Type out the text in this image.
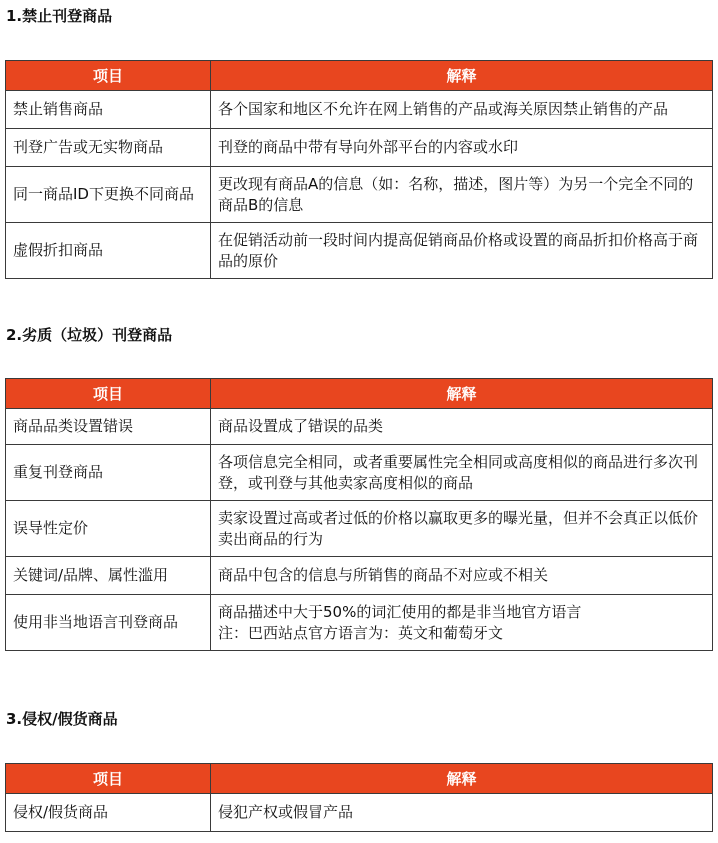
1.禁止刊登商品
项目	解释
禁止销售商品	各个国家和地区不允许在网上销售的产品或海关原因禁止销售的产品
刊登广告或无实物商品	刊登的商品中带有导向外部平台的内容或水印
同一商品ID下更换不同商品	更改现有商品A的信息（如：名称，描述，图片等）为另一个完全不同的商品B的信息
虚假折扣商品	在促销活动前一段时间内提高促销商品价格或设置的商品折扣价格高于商品的原价
2.劣质（垃圾）刊登商品
项目	解释
商品品类设置错误	商品设置成了错误的品类
重复刊登商品	各项信息完全相同，或者重要属性完全相同或高度相似的商品进行多次刊登，或刊登与其他卖家高度相似的商品
误导性定价	卖家设置过高或者过低的价格以赢取更多的曝光量，但并不会真正以低价卖出商品的行为
关键词/品牌、属性滥用	商品中包含的信息与所销售的商品不对应或不相关
使用非当地语言刊登商品	商品描述中大于50%的词汇使用的都是非当地官方语言
注：巴西站点官方语言为：英文和葡萄牙文
3.侵权/假货商品
项目	解释
侵权/假货商品	侵犯产权或假冒产品
